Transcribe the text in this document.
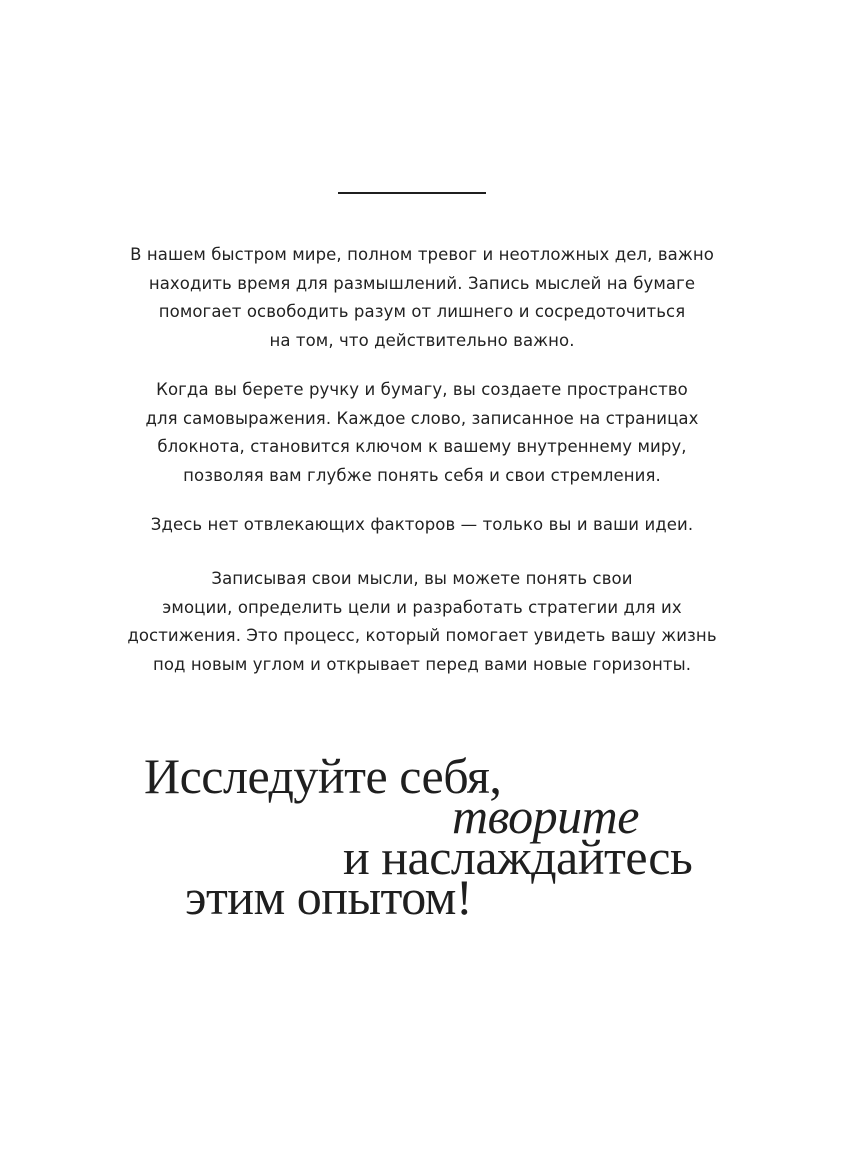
В нашем быстром мире, полном тревог и неотложных дел, важно
находить время для размышлений. Запись мыслей на бумаге
помогает освободить разум от лишнего и сосредоточиться
на том, что действительно важно.
Когда вы берете ручку и бумагу, вы создаете пространство
для самовыражения. Каждое слово, записанное на страницах
блокнота, становится ключом к вашему внутреннему миру,
позволяя вам глубже понять себя и свои стремления.
Здесь нет отвлекающих факторов — только вы и ваши идеи.
Записывая свои мысли, вы можете понять свои
эмоции, определить цели и разработать стратегии для их
достижения. Это процесс, который помогает увидеть вашу жизнь
под новым углом и открывает перед вами новые горизонты.
Исследуйте себя,
творите
и наслаждайтесь
этим опытом!
